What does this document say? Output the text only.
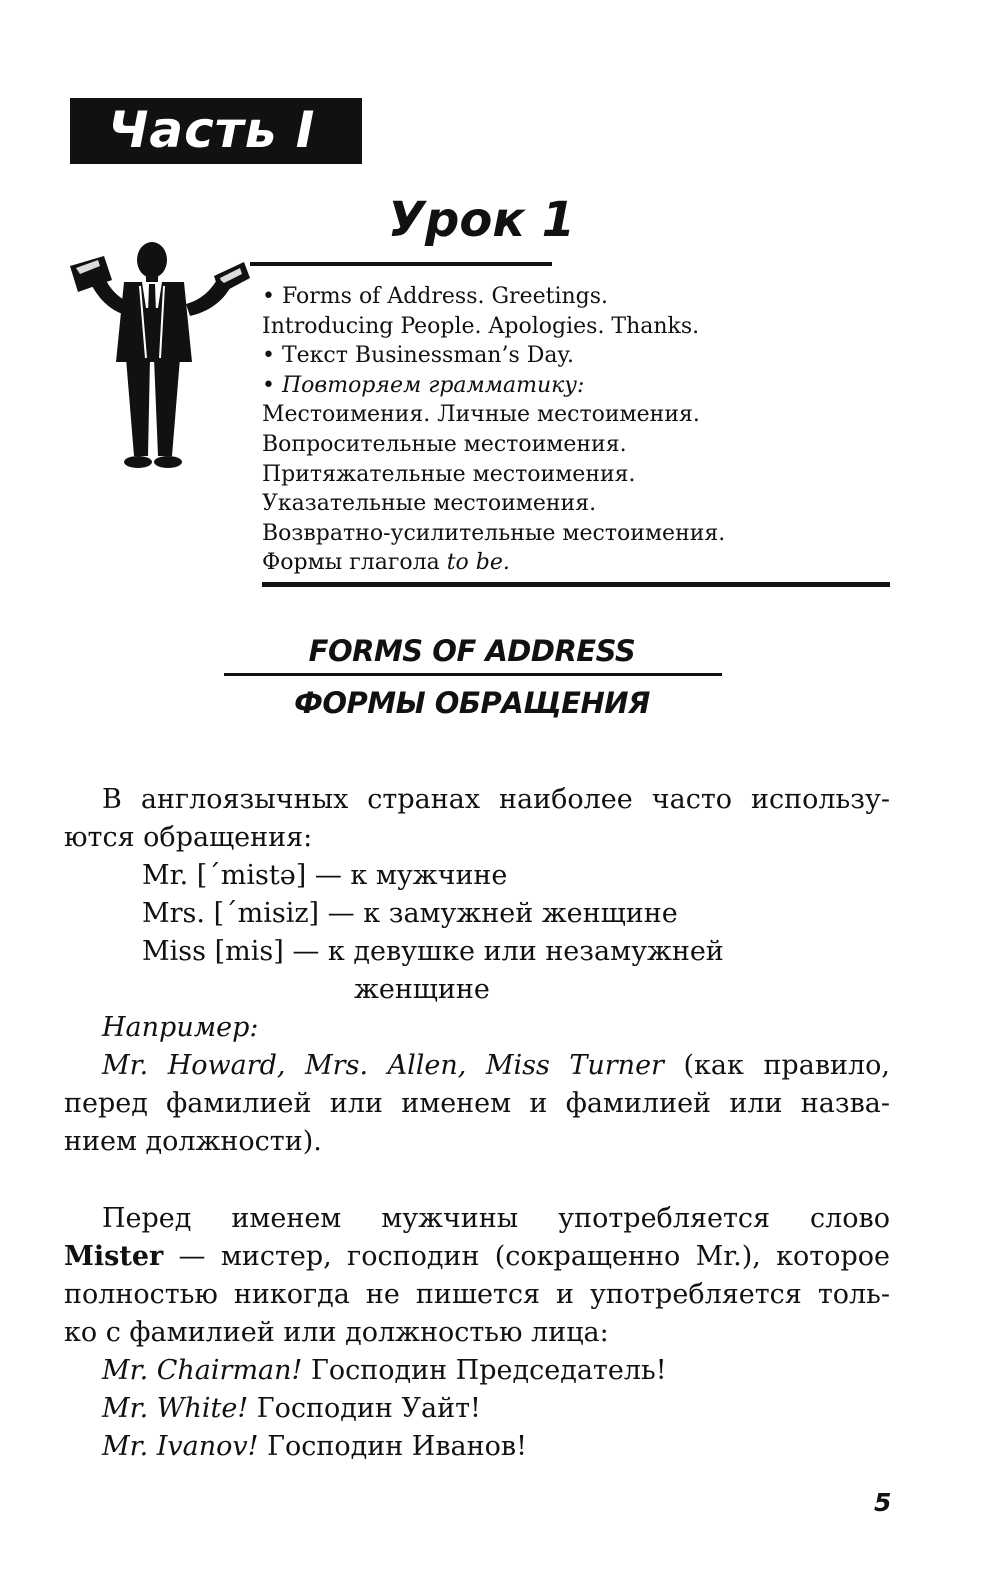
Часть I
Урок 1
• Forms of Address. Greetings.
Introducing People. Apologies. Thanks.
• Текст Businessman’s Day.
• Повторяем грамматику:
Местоимения. Личные местоимения.
Вопросительные местоимения.
Притяжательные местоимения.
Указательные местоимения.
Возвратно-усилительные местоимения.
Формы глагола to be.
FORMS OF ADDRESS
ФОРМЫ ОБРАЩЕНИЯ
В англоязычных странах наиболее часто использу-
ются обращения:
Mr. [ˊmistə] — к мужчине
Mrs. [ˊmisiz] — к замужней женщине
Miss [mis] — к девушке или незамужней
женщине
Например:
Mr. Howard, Mrs. Allen, Miss Turner (как правило,
перед фамилией или именем и фамилией или назва-
нием должности).
Перед именем мужчины употребляется слово
Mister — мистер, господин (сокращенно Mr.), которое
полностью никогда не пишется и употребляется толь-
ко с фамилией или должностью лица:
Mr. Chairman! Господин Председатель!
Mr. White! Господин Уайт!
Mr. Ivanov! Господин Иванов!
5
